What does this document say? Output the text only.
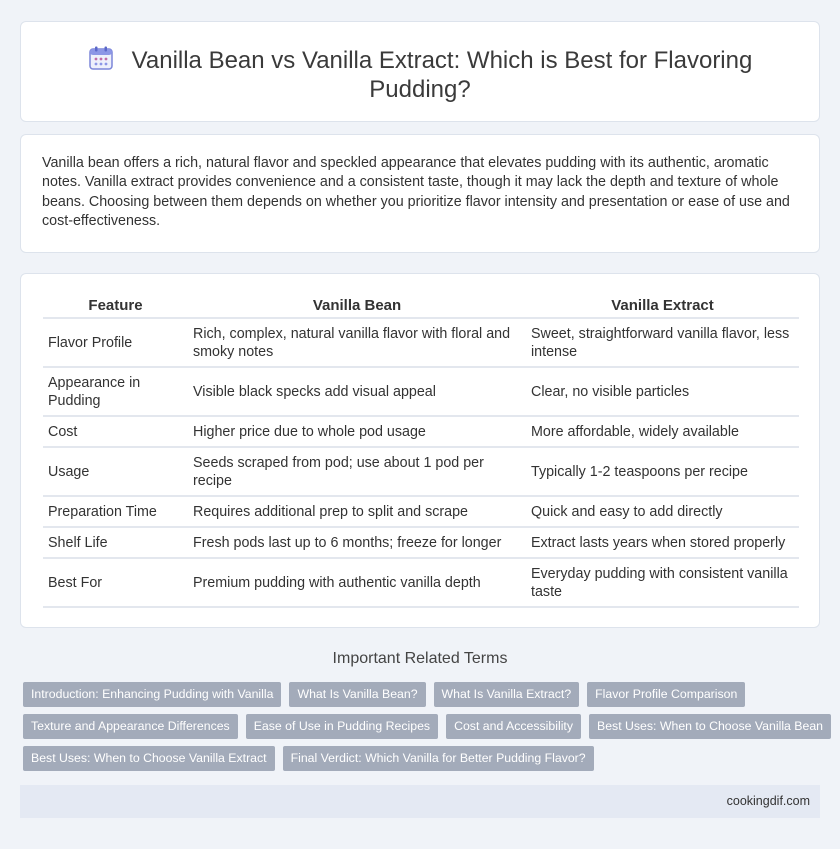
Vanilla Bean vs Vanilla Extract: Which is Best for Flavoring Pudding?

Vanilla bean offers a rich, natural flavor and speckled appearance that elevates pudding with its authentic, aromatic notes. Vanilla extract provides convenience and a consistent taste, though it may lack the depth and texture of whole beans. Choosing between them depends on whether you prioritize flavor intensity and presentation or ease of use and cost-effectiveness.

Feature	Vanilla Bean	Vanilla Extract
Flavor Profile	Rich, complex, natural vanilla flavor with floral and smoky notes	Sweet, straightforward vanilla flavor, less intense
Appearance in Pudding	Visible black specks add visual appeal	Clear, no visible particles
Cost	Higher price due to whole pod usage	More affordable, widely available
Usage	Seeds scraped from pod; use about 1 pod per recipe	Typically 1-2 teaspoons per recipe
Preparation Time	Requires additional prep to split and scrape	Quick and easy to add directly
Shelf Life	Fresh pods last up to 6 months; freeze for longer	Extract lasts years when stored properly
Best For	Premium pudding with authentic vanilla depth	Everyday pudding with consistent vanilla taste
Important Related Terms
Introduction: Enhancing Pudding with Vanilla	What Is Vanilla Bean?	What Is Vanilla Extract?	Flavor Profile Comparison
Texture and Appearance Differences	Ease of Use in Pudding Recipes	Cost and Accessibility	Best Uses: When to Choose Vanilla Bean
Best Uses: When to Choose Vanilla Extract	Final Verdict: Which Vanilla for Better Pudding Flavor?
cookingdif.com
